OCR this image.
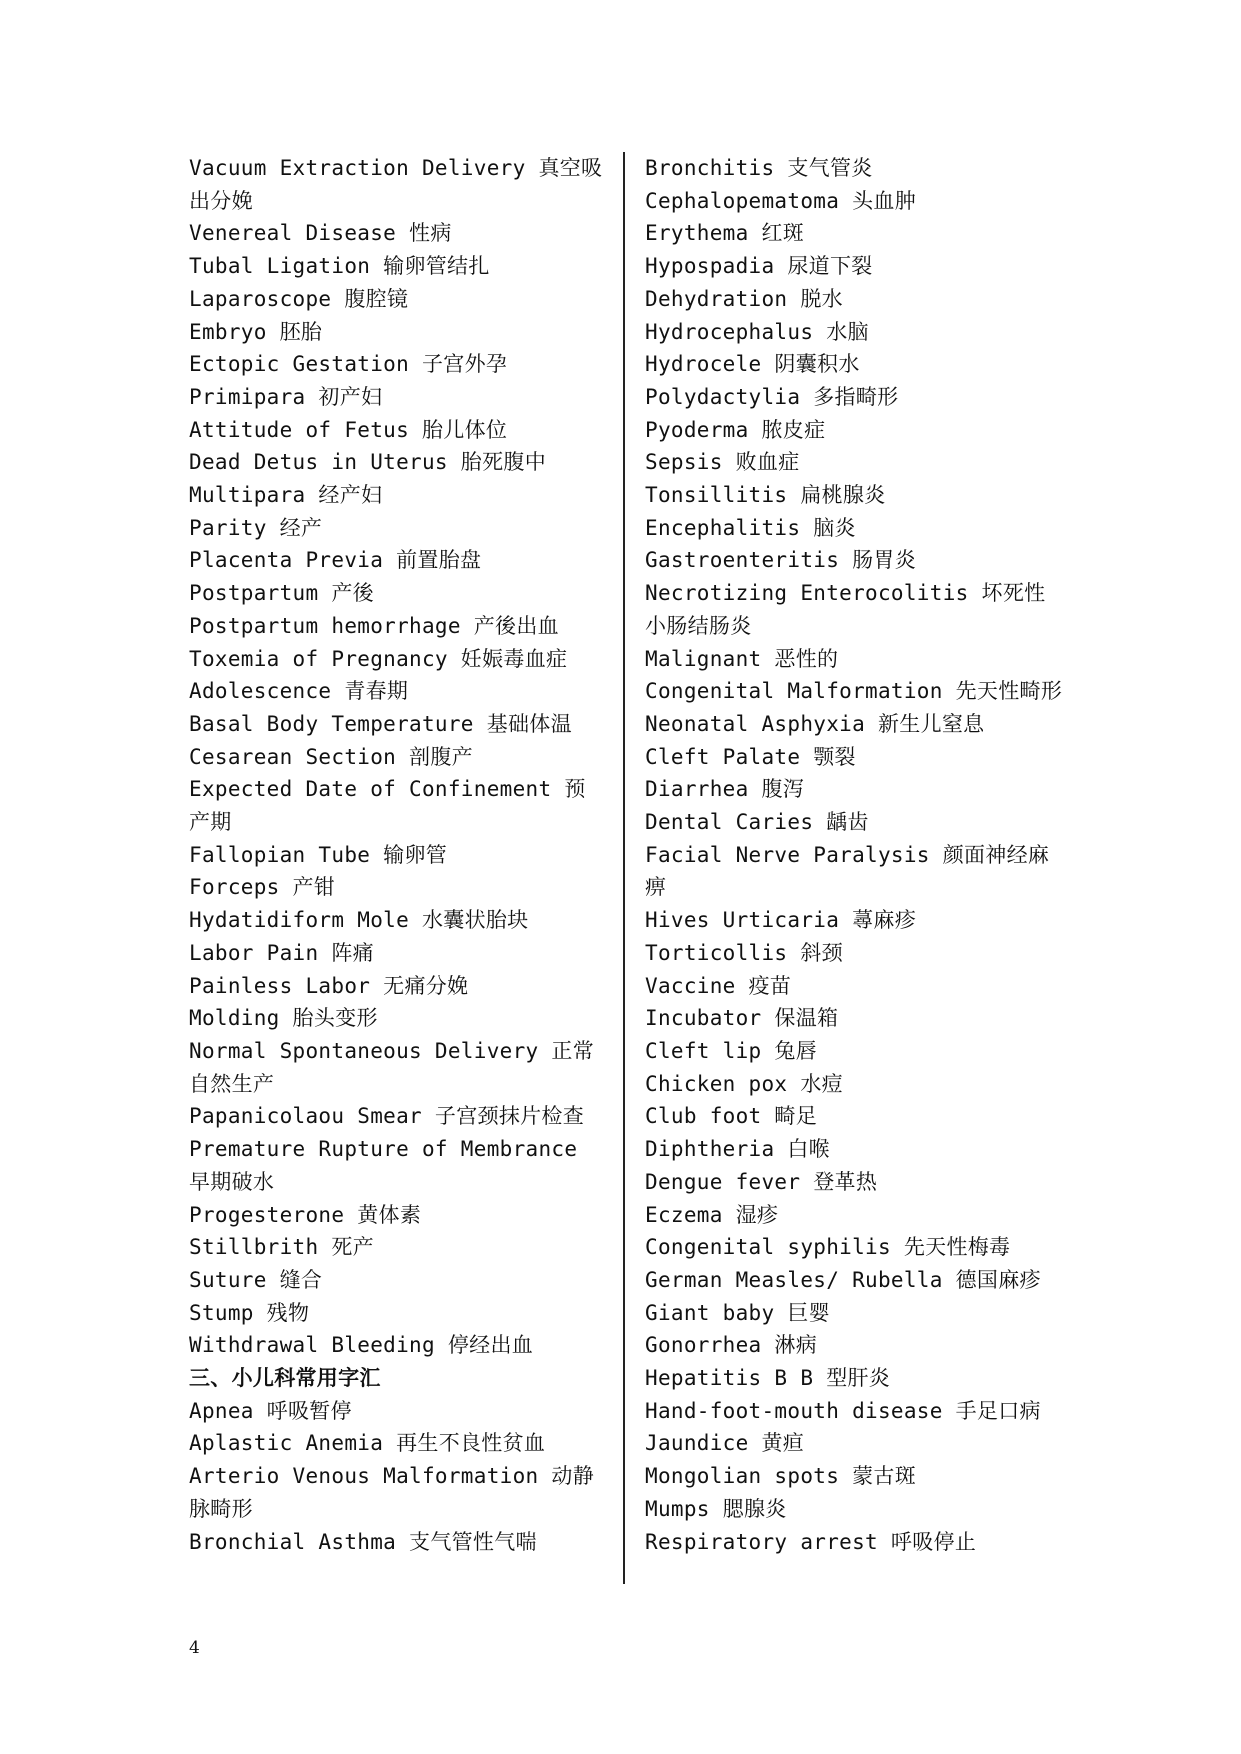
Vacuum Extraction Delivery 真空吸出分娩

Venereal Disease 性病

Tubal Ligation 输卵管结扎

Laparoscope 腹腔镜

Embryo 胚胎

Ectopic Gestation 子宫外孕

Primipara 初产妇

Attitude of Fetus 胎儿体位

Dead Detus in Uterus 胎死腹中

Multipara 经产妇

Parity 经产

Placenta Previa 前置胎盘

Postpartum 产後

Postpartum hemorrhage 产後出血

Toxemia of Pregnancy 妊娠毒血症

Adolescence 青春期

Basal Body Temperature 基础体温

Cesarean Section 剖腹产

Expected Date of Confinement 预产期

Fallopian Tube 输卵管

Forceps 产钳

Hydatidiform Mole 水囊状胎块

Labor Pain 阵痛

Painless Labor 无痛分娩

Molding 胎头变形

Normal Spontaneous Delivery 正常自然生产

Papanicolaou Smear 子宫颈抹片检查

Premature Rupture of Membrance 早期破水

Progesterone 黄体素

Stillbrith 死产

Suture 缝合

Stump 残物

Withdrawal Bleeding 停经出血

三、小儿科常用字汇

Apnea 呼吸暂停

Aplastic Anemia 再生不良性贫血

Arterio Venous Malformation 动静脉畸形

Bronchial Asthma 支气管性气喘

Bronchitis 支气管炎

Cephalopematoma 头血肿

Erythema 红斑

Hypospadia 尿道下裂

Dehydration 脱水

Hydrocephalus 水脑

Hydrocele 阴囊积水

Polydactylia 多指畸形

Pyoderma 脓皮症

Sepsis 败血症

Tonsillitis 扁桃腺炎

Encephalitis 脑炎

Gastroenteritis 肠胃炎

Necrotizing Enterocolitis 坏死性小肠结肠炎

Malignant 恶性的

Congenital Malformation 先天性畸形

Neonatal Asphyxia 新生儿窒息

Cleft Palate 颚裂

Diarrhea 腹泻

Dental Caries 龋齿

Facial Nerve Paralysis 颜面神经麻痹

Hives Urticaria 蕁麻疹

Torticollis 斜颈

Vaccine 疫苗

Incubator 保温箱

Cleft lip 兔唇

Chicken pox 水痘

Club foot 畸足

Diphtheria 白喉

Dengue fever 登革热

Eczema 湿疹

Congenital syphilis 先天性梅毒

German Measles/ Rubella 德国麻疹

Giant baby 巨婴

Gonorrhea 淋病

Hepatitis B B 型肝炎

Hand-foot-mouth disease 手足口病

Jaundice 黄疸

Mongolian spots 蒙古斑

Mumps 腮腺炎

Respiratory arrest 呼吸停止

4
